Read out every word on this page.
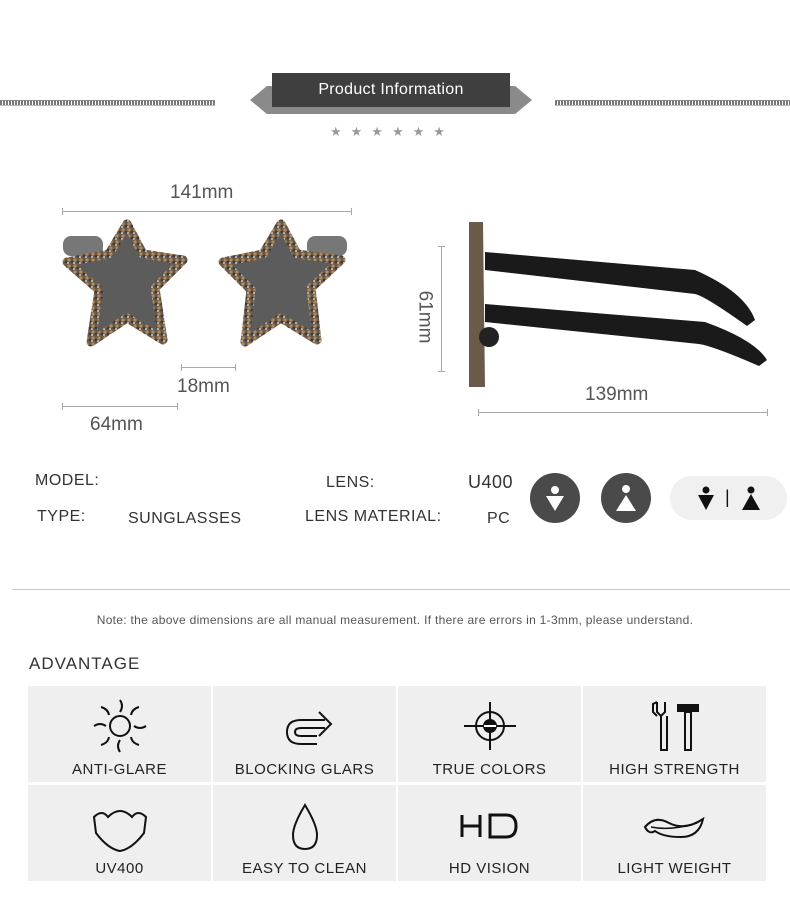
Product Information
★★★★★★
141mm
18mm
64mm
61mm
139mm
MODEL:
TYPE:	SUNGLASSES
LENS:	U400
LENS MATERIAL:	PC
|
Note: the above dimensions are all manual measurement. If there are errors in 1-3mm, please understand.
ADVANTAGE
ANTI-GLARE	BLOCKING GLARS	TRUE COLORS	HIGH STRENGTH
UV400	EASY TO CLEAN	HD VISION	LIGHT WEIGHT
